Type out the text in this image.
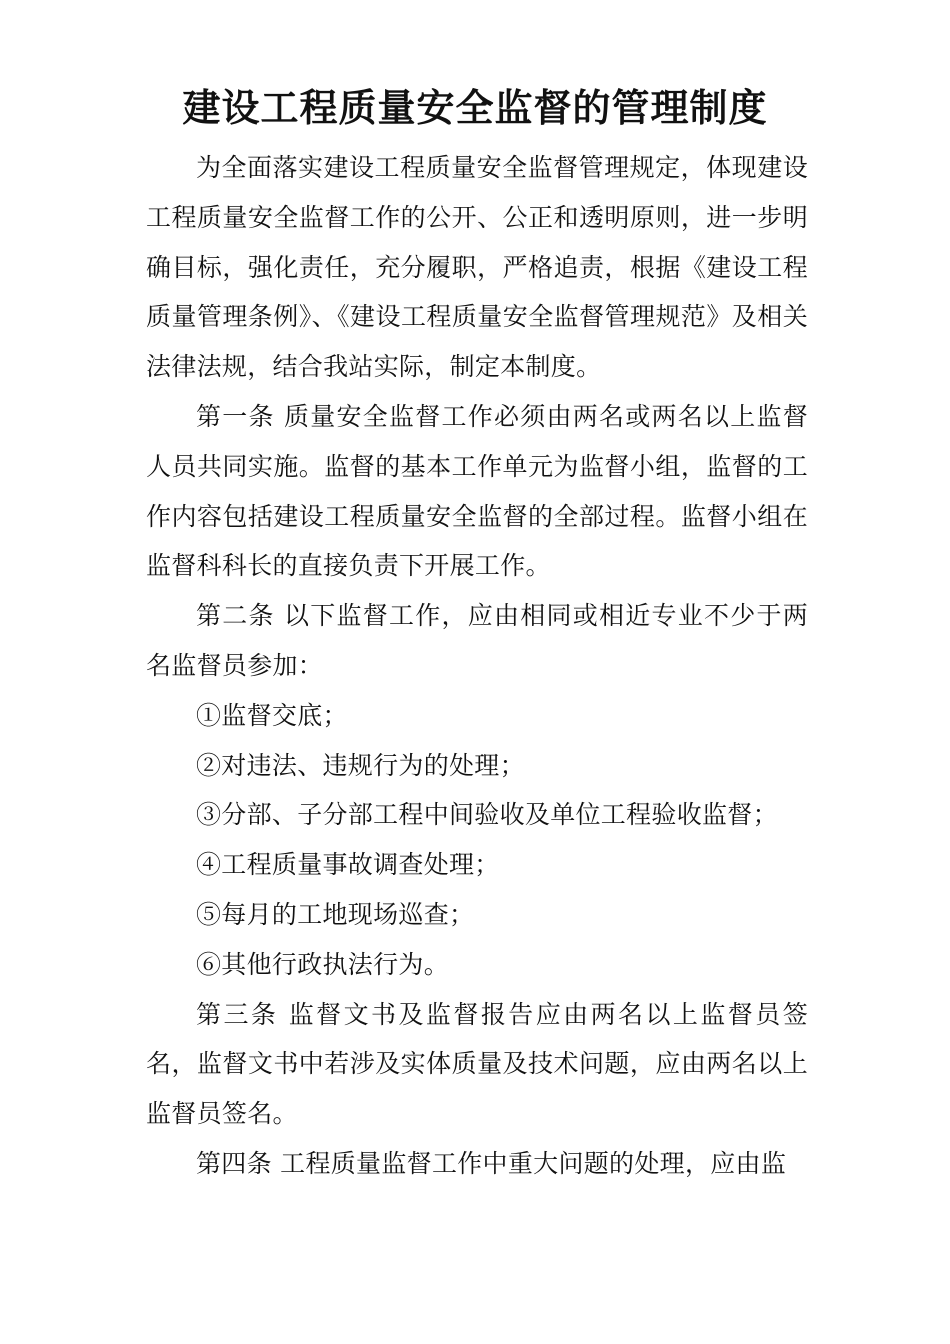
建设工程质量安全监督的管理制度

为全面落实建设工程质量安全监督管理规定，体现建设工程质量安全监督工作的公开、公正和透明原则，进一步明确目标，强化责任，充分履职，严格追责，根据《建设工程质量管理条例》、《建设工程质量安全监督管理规范》及相关法律法规，结合我站实际，制定本制度。

第一条 质量安全监督工作必须由两名或两名以上监督人员共同实施。监督的基本工作单元为监督小组，监督的工作内容包括建设工程质量安全监督的全部过程。监督小组在监督科科长的直接负责下开展工作。

第二条 以下监督工作，应由相同或相近专业不少于两名监督员参加：

①监督交底；

②对违法、违规行为的处理；

③分部、子分部工程中间验收及单位工程验收监督；

④工程质量事故调查处理；

⑤每月的工地现场巡查；

⑥其他行政执法行为。

第三条 监督文书及监督报告应由两名以上监督员签名，监督文书中若涉及实体质量及技术问题，应由两名以上监督员签名。

第四条 工程质量监督工作中重大问题的处理，应由监
